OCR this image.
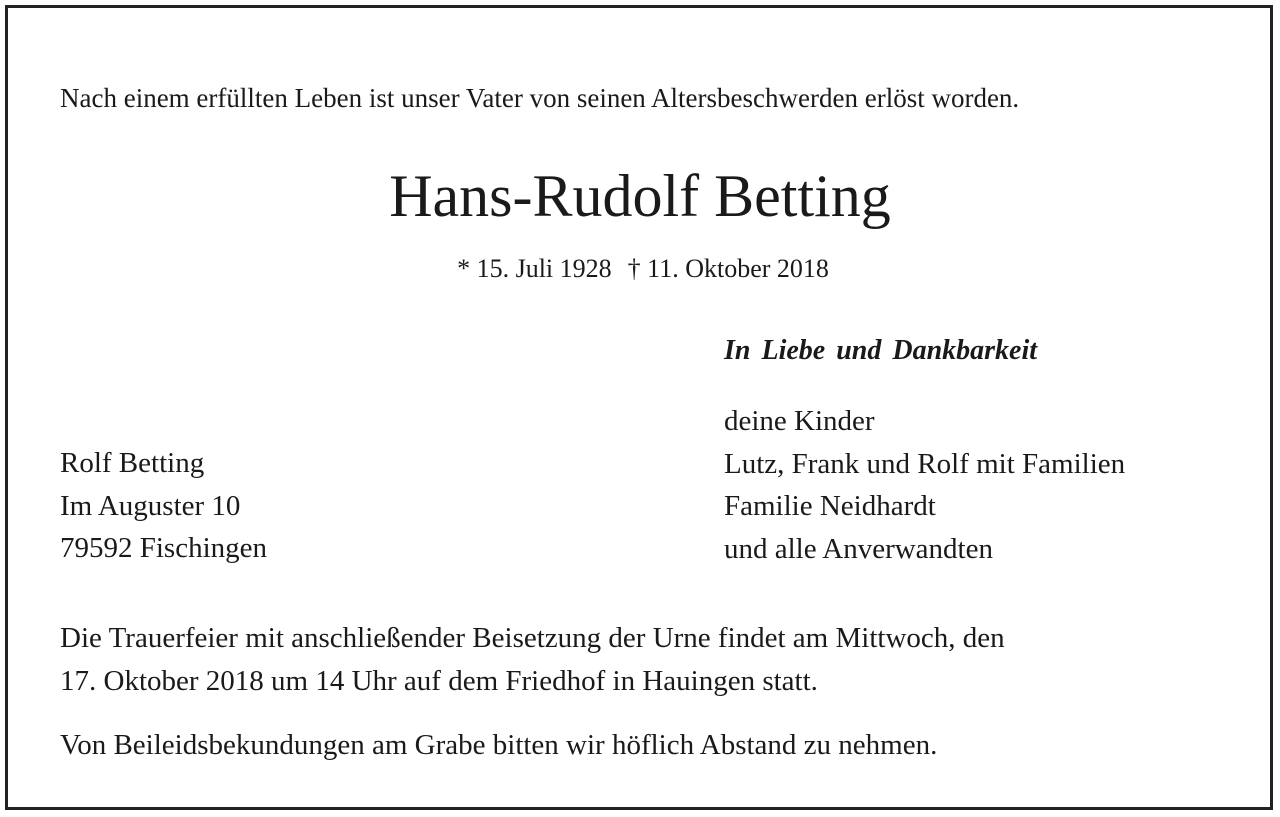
Nach einem erfüllten Leben ist unser Vater von seinen Altersbeschwerden erlöst worden.
Hans-Rudolf Betting
* 15. Juli 1928 † 11. Oktober 2018
In Liebe und Dankbarkeit
deine Kinder
Lutz, Frank und Rolf mit Familien
Familie Neidhardt
und alle Anverwandten
Rolf Betting
Im Auguster 10
79592 Fischingen
Die Trauerfeier mit anschließender Beisetzung der Urne findet am Mittwoch, den
17. Oktober 2018 um 14 Uhr auf dem Friedhof in Hauingen statt.
Von Beileidsbekundungen am Grabe bitten wir höflich Abstand zu nehmen.
